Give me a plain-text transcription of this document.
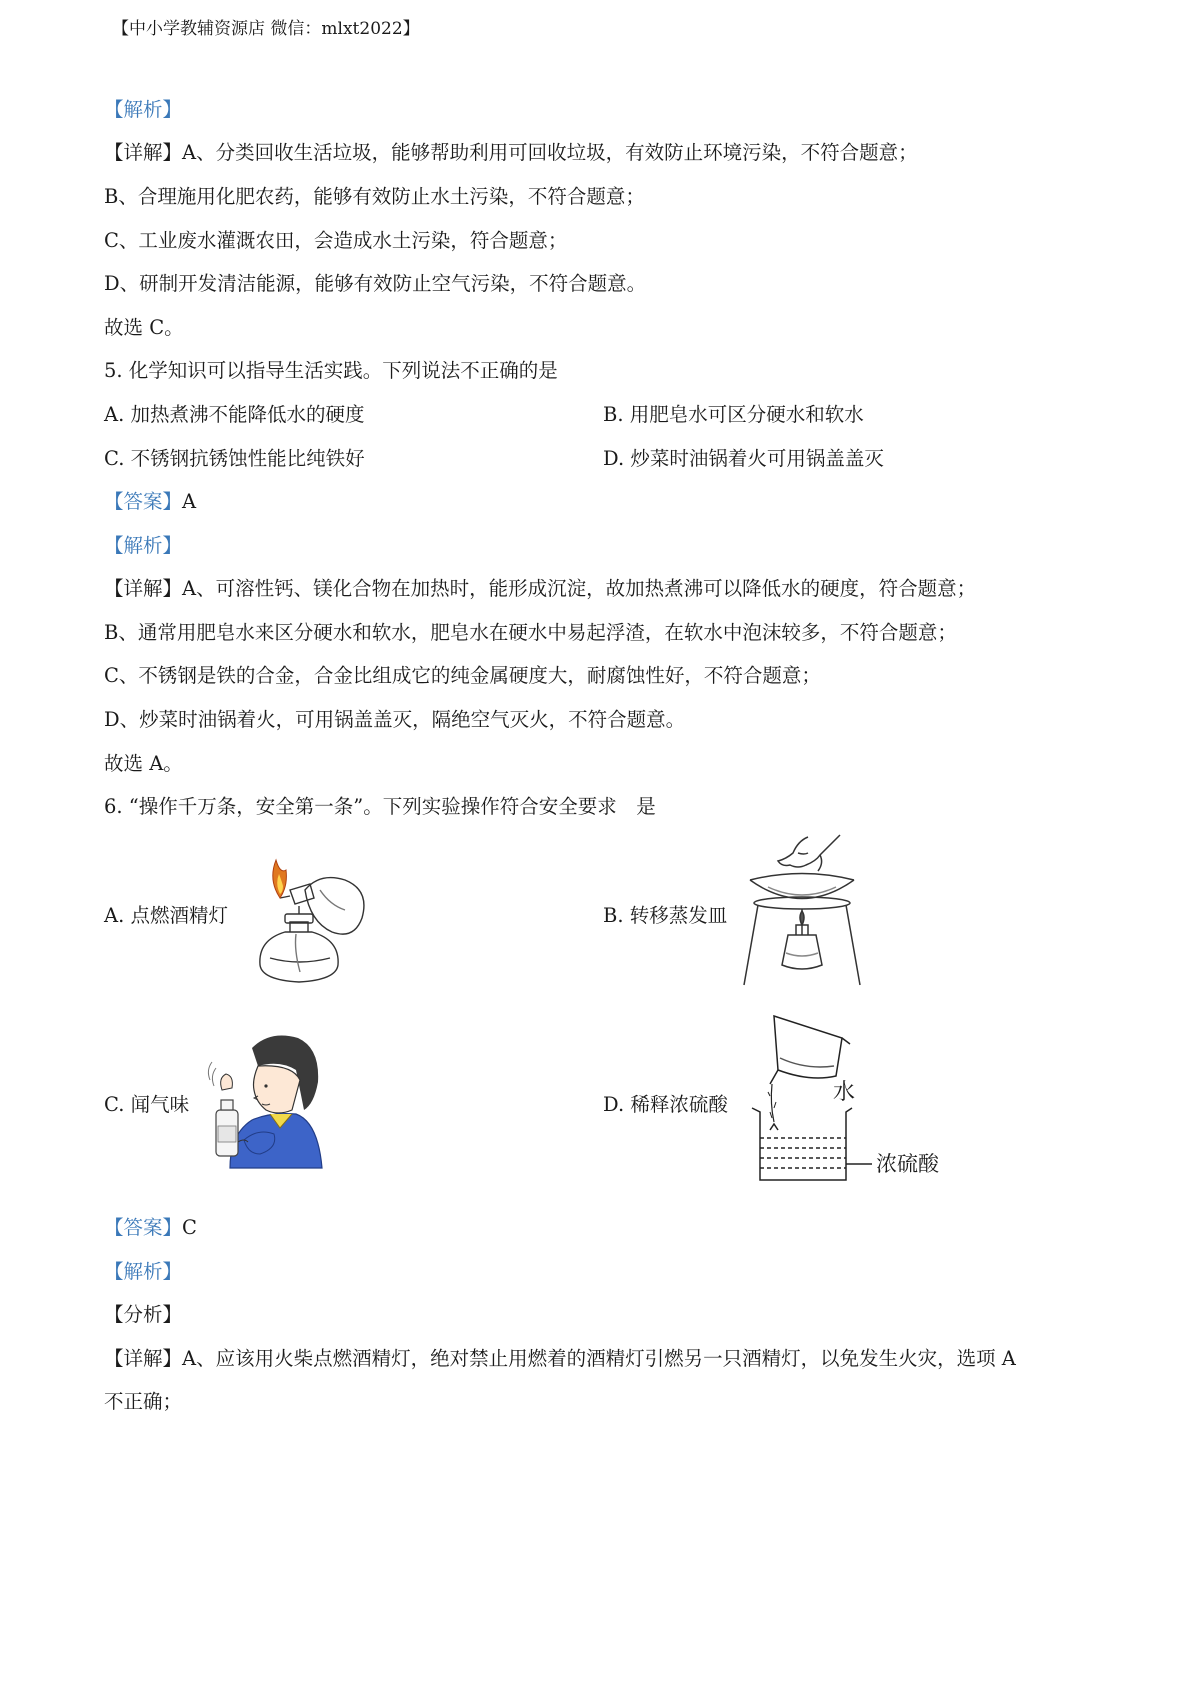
【中小学教辅资源店 微信：mlxt2022】
【解析】
【详解】A、分类回收生活垃圾，能够帮助利用可回收垃圾，有效防止环境污染，不符合题意；
B、合理施用化肥农药，能够有效防止水土污染，不符合题意；
C、工业废水灌溉农田，会造成水土污染，符合题意；
D、研制开发清洁能源，能够有效防止空气污染，不符合题意。
故选 C。
5. 化学知识可以指导生活实践。下列说法不正确的是
A. 加热煮沸不能降低水的硬度	B. 用肥皂水可区分硬水和软水
C. 不锈钢抗锈蚀性能比纯铁好	D. 炒菜时油锅着火可用锅盖盖灭
【答案】A
【解析】
【详解】A、可溶性钙、镁化合物在加热时，能形成沉淀，故加热煮沸可以降低水的硬度，符合题意；
B、通常用肥皂水来区分硬水和软水，肥皂水在硬水中易起浮渣，在软水中泡沫较多，不符合题意；
C、不锈钢是铁的合金，合金比组成它的纯金属硬度大，耐腐蚀性好，不符合题意；
D、炒菜时油锅着火，可用锅盖盖灭，隔绝空气灭火，不符合题意。
故选 A。
6. “操作千万条，安全第一条”。下列实验操作符合安全要求　是
A. 点燃酒精灯	B. 转移蒸发皿
C. 闻气味	D. 稀释浓硫酸	水
浓硫酸
【答案】C
【解析】
【分析】
【详解】A、应该用火柴点燃酒精灯，绝对禁止用燃着的酒精灯引燃另一只酒精灯，以免发生火灾，选项 A
不正确；
